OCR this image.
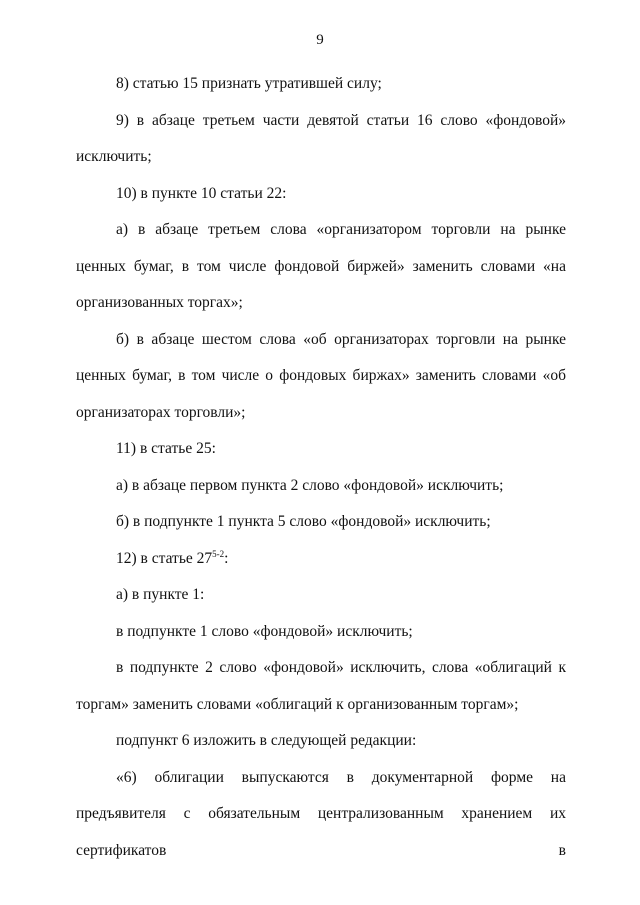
9

8) статью 15 признать утратившей силу;

9) в абзаце третьем части девятой статьи 16 слово «фондовой» исключить;

10) в пункте 10 статьи 22:

а) в абзаце третьем слова «организатором торговли на рынке ценных бумаг, в том числе фондовой биржей» заменить словами «на организованных торгах»;

б) в абзаце шестом слова «об организаторах торговли на рынке ценных бумаг, в том числе о фондовых биржах» заменить словами «об организаторах торговли»;

11) в статье 25:

а) в абзаце первом пункта 2 слово «фондовой» исключить;

б) в подпункте 1 пункта 5 слово «фондовой» исключить;

12) в статье 27$^{5-2}$:

а) в пункте 1:

в подпункте 1 слово «фондовой» исключить;

в подпункте 2 слово «фондовой» исключить, слова «облигаций к торгам» заменить словами «облигаций к организованным торгам»;

подпункт 6 изложить в следующей редакции:

«6) облигации выпускаются в документарной форме на предъявителя с обязательным централизованным хранением их сертификатов в
